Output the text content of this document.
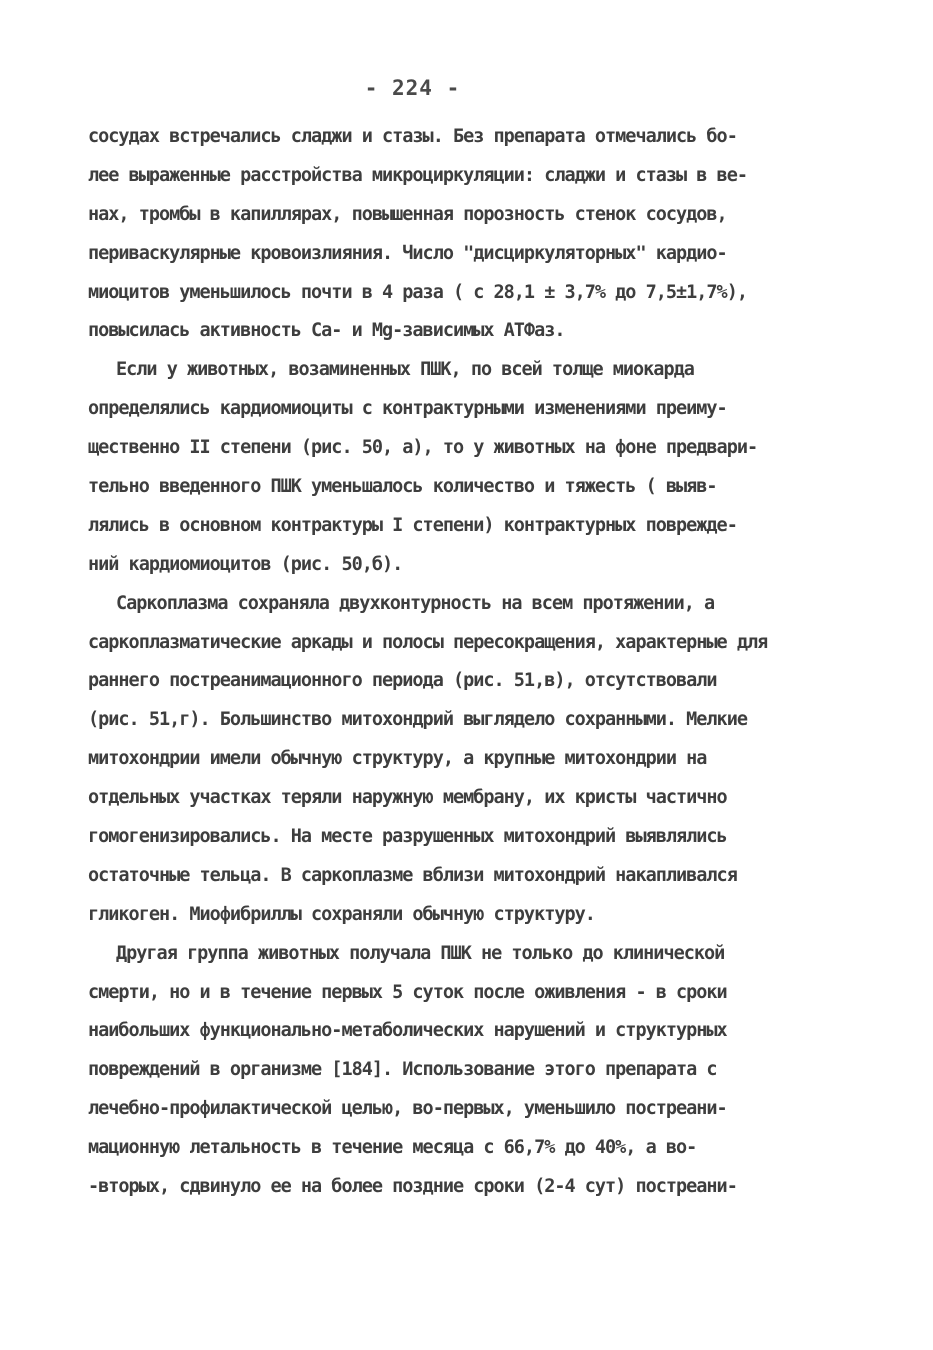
- 224 -

сосудах встречались сладжи и стазы. Без препарата отмечались бо-
лее выраженные расстройства микроциркуляции: сладжи и стазы в ве-
нах, тромбы в капиллярах, повышенная порозность стенок сосудов,
периваскулярные кровоизлияния. Число "дисциркуляторных" кардио-
миоцитов уменьшилось почти в 4 раза ( с 28,1 ± 3,7% до 7,5±1,7%),
повысилась активность Ca- и Mg-зависимых АТФаз.
Если у животных, возаминенных ПШК, по всей толще миокарда
определялись кардиомиоциты с контрактурными изменениями преиму-
щественно II степени (рис. 50, а), то у животных на фоне предвари-
тельно введенного ПШК уменьшалось количество и тяжесть ( выяв-
лялись в основном контрактуры I степени) контрактурных поврежде-
ний кардиомиоцитов (рис. 50,б).
Саркоплазма сохраняла двухконтурность на всем протяжении, а
саркоплазматические аркады и полосы пересокращения, характерные для
раннего постреанимационного периода (рис. 51,в), отсутствовали
(рис. 51,г). Большинство митохондрий выглядело сохранными. Мелкие
митохондрии имели обычную структуру, а крупные митохондрии на
отдельных участках теряли наружную мембрану, их кристы частично
гомогенизировались. На месте разрушенных митохондрий выявлялись
остаточные тельца. В саркоплазме вблизи митохондрий накапливался
гликоген. Миофибриллы сохраняли обычную структуру.
Другая группа животных получала ПШК не только до клинической
смерти, но и в течение первых 5 суток после оживления - в сроки
наибольших функционально-метаболических нарушений и структурных
повреждений в организме [184]. Использование этого препарата с
лечебно-профилактической целью, во-первых, уменьшило постреани-
мационную летальность в течение месяца с 66,7% до 40%, а во-
-вторых, сдвинуло ее на более поздние сроки (2-4 сут) постреани-
